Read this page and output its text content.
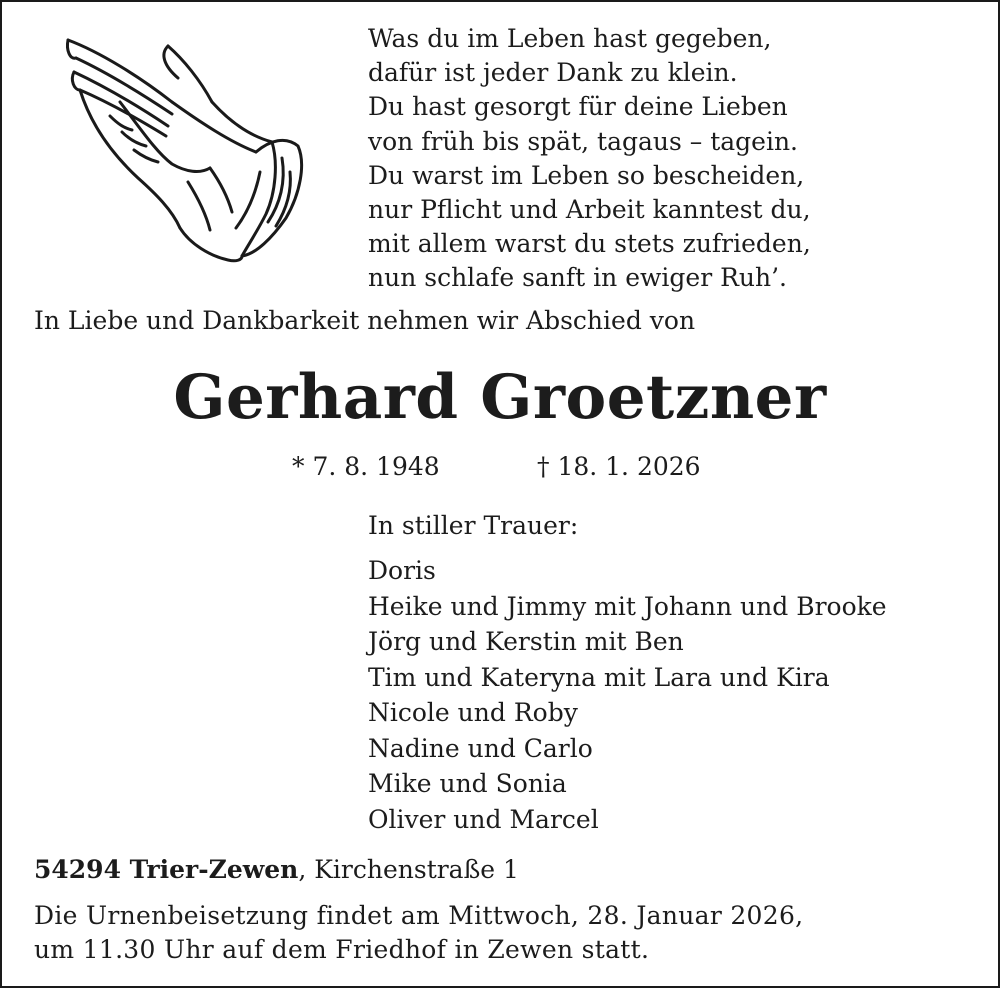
Was du im Leben hast gegeben,
dafür ist jeder Dank zu klein.
Du hast gesorgt für deine Lieben
von früh bis spät, tagaus – tagein.
Du warst im Leben so bescheiden,
nur Pflicht und Arbeit kanntest du,
mit allem warst du stets zufrieden,
nun schlafe sanft in ewiger Ruh’.
In Liebe und Dankbarkeit nehmen wir Abschied von
Gerhard Groetzner
* 7. 8. 1948	† 18. 1. 2026
In stiller Trauer:
Doris
Heike und Jimmy mit Johann und Brooke
Jörg und Kerstin mit Ben
Tim und Kateryna mit Lara und Kira
Nicole und Roby
Nadine und Carlo
Mike und Sonia
Oliver und Marcel
54294 Trier-Zewen, Kirchenstraße 1
Die Urnenbeisetzung findet am Mittwoch, 28. Januar 2026,
um 11.30 Uhr auf dem Friedhof in Zewen statt.
